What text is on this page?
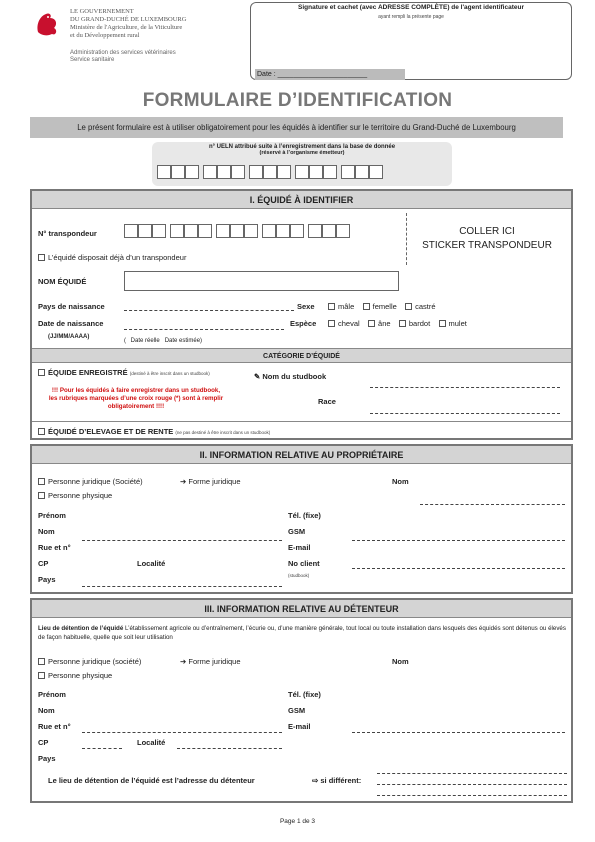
LE GOUVERNEMENT
DU GRAND-DUCHÉ DE LUXEMBOURG
Ministère de l'Agriculture, de la Viticulture
et du Développement rural
Administration des services vétérinaires
Service sanitaire
Signature et cachet (avec ADRESSE COMPLÈTE) de l'agent identificateur
ayant rempli la présente page
Date : _______________________
FORMULAIRE D’IDENTIFICATION
Le présent formulaire est à utiliser obligatoirement pour les équidés à identifier sur le territoire du Grand-Duché de Luxembourg
n° UELN attribué suite à l’enregistrement dans la base de donnée
(réservé à l’organisme émetteur)
I. ÉQUIDÉ À IDENTIFIER
N° transpondeur	COLLER ICI
STICKER TRANSPONDEUR
L’équidé disposait déjà d’un transpondeur
NOM ÉQUIDÉ
Pays de naissance
Date de naissance
(JJ/MM/AAAA)
( Date réelle Date estimée)
Sexe	mâle femelle castré
Espèce	cheval âne bardot mulet
CATÉGORIE D’ÉQUIDÉ
ÉQUIDE ENREGISTRÉ (destiné à être inscrit dans un studbook)	✎ Nom du studbook
!!! Pour les équidés à faire enregistrer dans un studbook,
les rubriques marquées d’une croix rouge (*) sont à remplir
obligatoirement !!!!
Race
ÉQUIDÉ D’ELEVAGE ET DE RENTE (ne pas destiné à être inscrit dans un studbook)
II. INFORMATION RELATIVE AU PROPRIÉTAIRE
Personne juridique (Société)	➔ Forme juridique	Nom
Personne physique
Prénom
Nom
Rue et n°
CP	Localité
Pays
Tél. (fixe)
GSM
E-mail
No client
(studbook)
III. INFORMATION RELATIVE AU DÉTENTEUR
Lieu de détention de l’équidé L’établissement agricole ou d’entraînement, l’écurie ou, d’une manière générale, tout local ou toute installation dans lesquels des équidés sont détenus ou élevés de façon habituelle, quelle que soit leur utilisation
Personne juridique (société)	➔ Forme juridique	Nom
Personne physique
Prénom
Nom
Rue et n°
CP	Localité
Pays
Tél. (fixe)
GSM
E-mail
Le lieu de détention de l’équidé est l’adresse du détenteur	⇨ si différent:
Page 1 de 3
